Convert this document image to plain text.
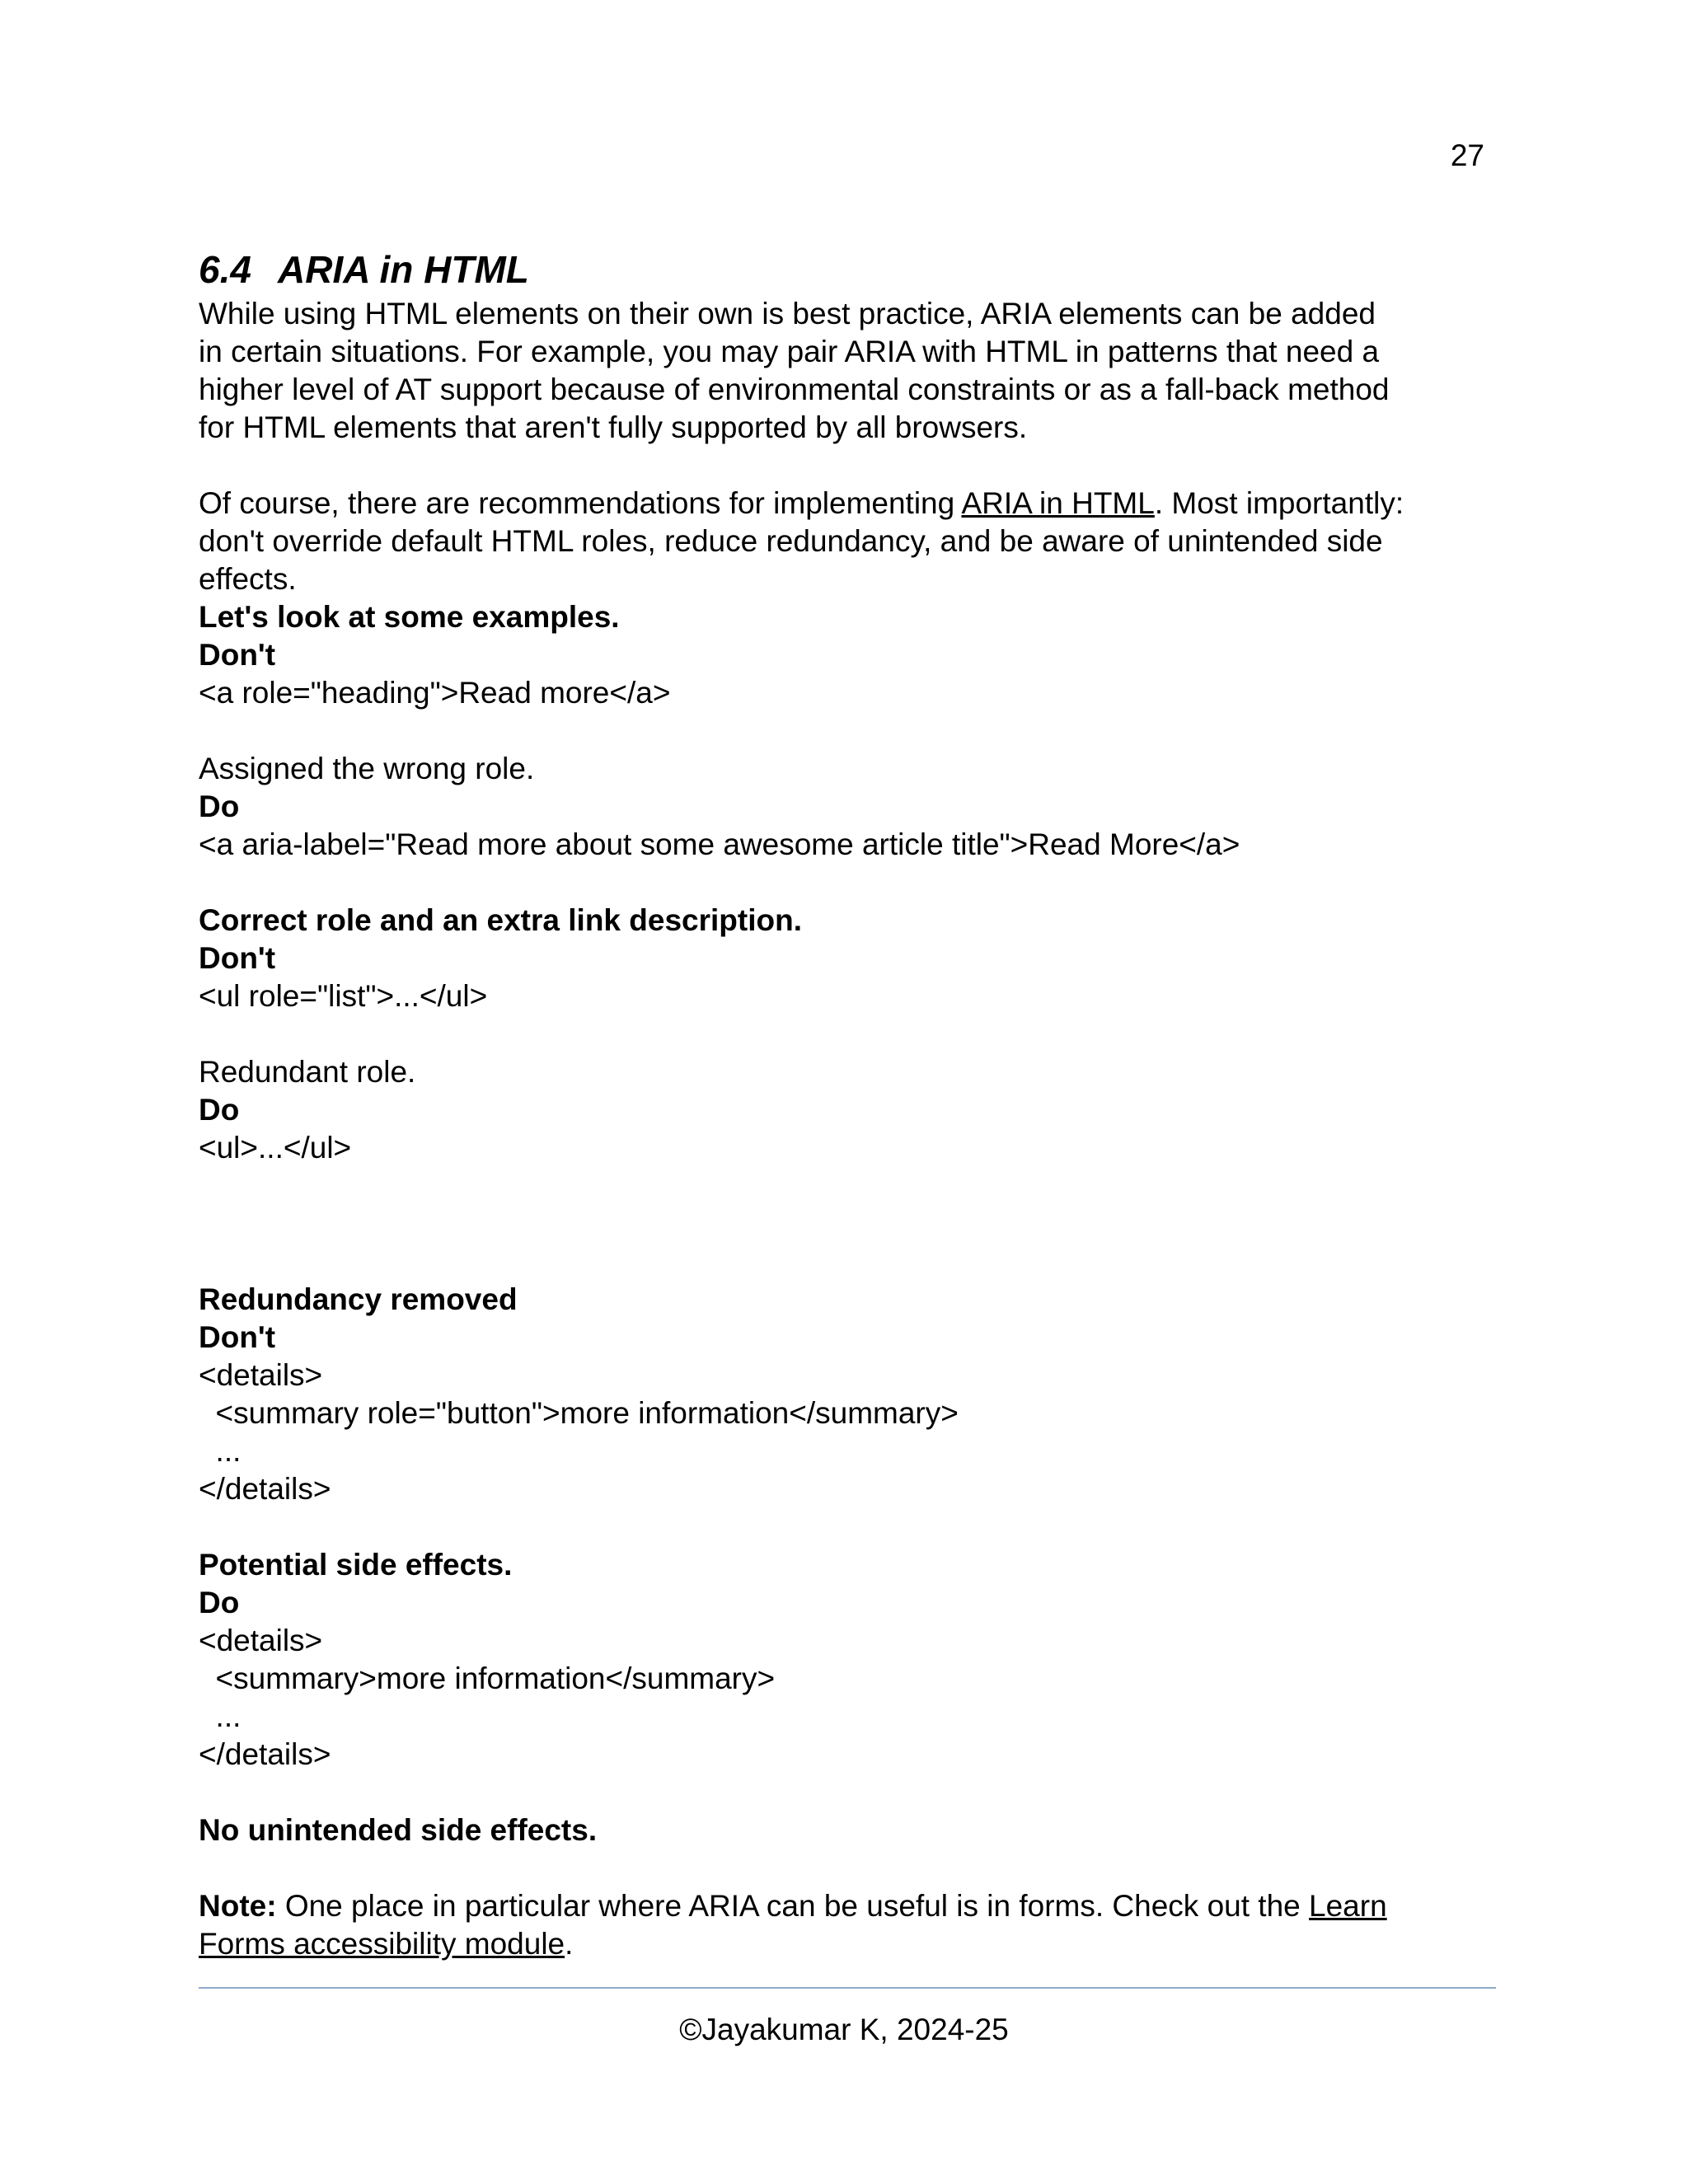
27
6.4 ARIA in HTML

While using HTML elements on their own is best practice, ARIA elements can be added
in certain situations. For example, you may pair ARIA with HTML in patterns that need a
higher level of AT support because of environmental constraints or as a fall-back method
for HTML elements that aren't fully supported by all browsers.

Of course, there are recommendations for implementing ARIA in HTML. Most importantly:
don't override default HTML roles, reduce redundancy, and be aware of unintended side
effects.

Let's look at some examples.
Don't
<a role="heading">Read more</a>
Assigned the wrong role.
Do
<a aria-label="Read more about some awesome article title">Read More</a>
Correct role and an extra link description.
Don't
<ul role="list">...</ul>
Redundant role.
Do
<ul>...</ul>
Redundancy removed
Don't
<details>
<summary role="button">more information</summary>
...
</details>
Potential side effects.
Do
<details>
<summary>more information</summary>
...
</details>
No unintended side effects.

Note: One place in particular where ARIA can be useful is in forms. Check out the Learn
Forms accessibility module.

©Jayakumar K, 2024-25
